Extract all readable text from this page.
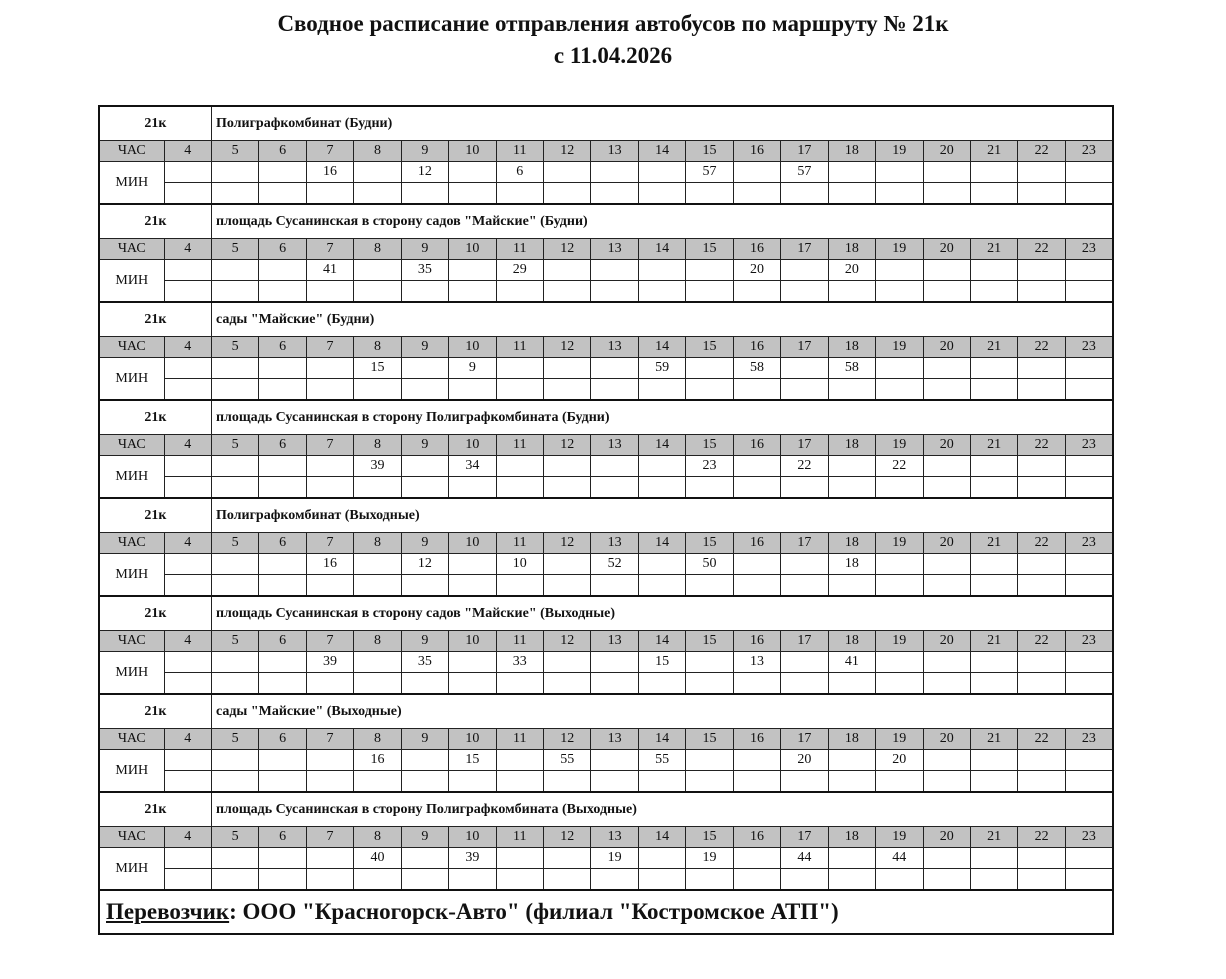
Сводное расписание отправления автобусов по маршруту № 21к
с 11.04.2026
21к		Полиграфкомбинат (Будни)																		
ЧАС	4	5	6	7	8	9	10	11	12	13	14	15	16	17	18	19	20	21	22	23
МИН				16		12		6				57		57						

21к		площадь Сусанинская в сторону садов "Майские" (Будни)																		
ЧАС	4	5	6	7	8	9	10	11	12	13	14	15	16	17	18	19	20	21	22	23
МИН				41		35		29					20		20					

21к		сады "Майские" (Будни)																		
ЧАС	4	5	6	7	8	9	10	11	12	13	14	15	16	17	18	19	20	21	22	23
МИН					15		9				59		58		58					

21к		площадь Сусанинская в сторону Полиграфкомбината (Будни)																		
ЧАС	4	5	6	7	8	9	10	11	12	13	14	15	16	17	18	19	20	21	22	23
МИН					39		34					23		22		22				

21к		Полиграфкомбинат (Выходные)																		
ЧАС	4	5	6	7	8	9	10	11	12	13	14	15	16	17	18	19	20	21	22	23
МИН				16		12		10		52		50			18					

21к		площадь Сусанинская в сторону садов "Майские" (Выходные)																		
ЧАС	4	5	6	7	8	9	10	11	12	13	14	15	16	17	18	19	20	21	22	23
МИН				39		35		33			15		13		41					

21к		сады "Майские" (Выходные)																		
ЧАС	4	5	6	7	8	9	10	11	12	13	14	15	16	17	18	19	20	21	22	23
МИН					16		15		55		55			20		20				

21к		площадь Сусанинская в сторону Полиграфкомбината (Выходные)																		
ЧАС	4	5	6	7	8	9	10	11	12	13	14	15	16	17	18	19	20	21	22	23
МИН					40		39			19		19		44		44				

Перевозчик: ООО "Красногорск-Авто" (филиал "Костромское АТП")																				
